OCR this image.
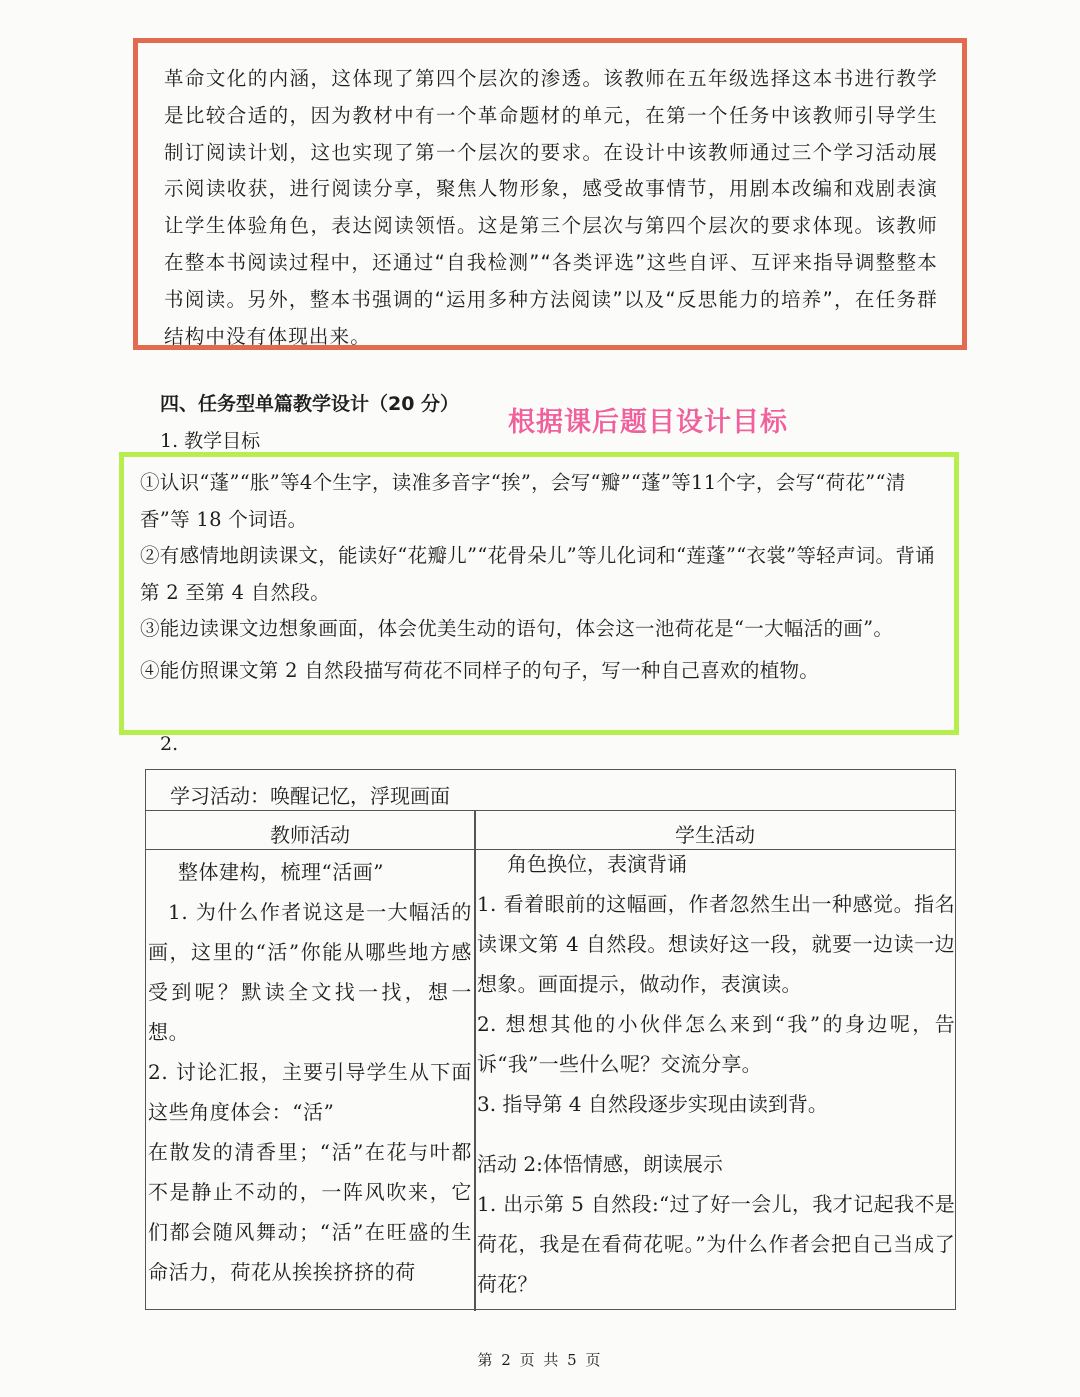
革命文化的内涵，这体现了第四个层次的渗透。该教师在五年级选择这本书进行教学是比较合适的，因为教材中有一个革命题材的单元，在第一个任务中该教师引导学生制订阅读计划，这也实现了第一个层次的要求。在设计中该教师通过三个学习活动展示阅读收获，进行阅读分享，聚焦人物形象，感受故事情节，用剧本改编和戏剧表演让学生体验角色，表达阅读领悟。这是第三个层次与第四个层次的要求体现。该教师在整本书阅读过程中，还通过“自我检测”“各类评选”这些自评、互评来指导调整整本书阅读。另外，整本书强调的“运用多种方法阅读”以及“反思能力的培养”，在任务群结构中没有体现出来。

四、任务型单篇教学设计（20 分）
根据课后题目设计目标
1. 教学目标

①认识“蓬”“胀”等4个生字，读准多音字“挨”，会写“瓣”“蓬”等11个字，会写“荷花”“清香”等 18 个词语。

②有感情地朗读课文，能读好“花瓣儿”“花骨朵儿”等儿化词和“莲蓬”“衣裳”等轻声词。背诵第 2 至第 4 自然段。

③能边读课文边想象画面，体会优美生动的语句，体会这一池荷花是“一大幅活的画”。

④能仿照课文第 2 自然段描写荷花不同样子的句子，写一种自己喜欢的植物。

2.
学习活动：唤醒记忆，浮现画面
教师活动	学生活动

整体建构，梳理“活画”

1. 为什么作者说这是一大幅活的画，这里的“活”你能从哪些地方感受到呢？默读全文找一找，想一想。

2. 讨论汇报，主要引导学生从下面这些角度体会：“活”

在散发的清香里；“活”在花与叶都不是静止不动的，一阵风吹来，它们都会随风舞动；“活”在旺盛的生命活力，荷花从挨挨挤挤的荷

角色换位，表演背诵

1. 看着眼前的这幅画，作者忽然生出一种感觉。指名读课文第 4 自然段。想读好这一段，就要一边读一边想象。画面提示，做动作，表演读。

2. 想想其他的小伙伴怎么来到“我”的身边呢，告诉“我”一些什么呢？交流分享。

3. 指导第 4 自然段逐步实现由读到背。

活动 2:体悟情感，朗读展示

1. 出示第 5 自然段:“过了好一会儿，我才记起我不是荷花，我是在看荷花呢。”为什么作者会把自己当成了荷花？

第 2 页 共 5 页
